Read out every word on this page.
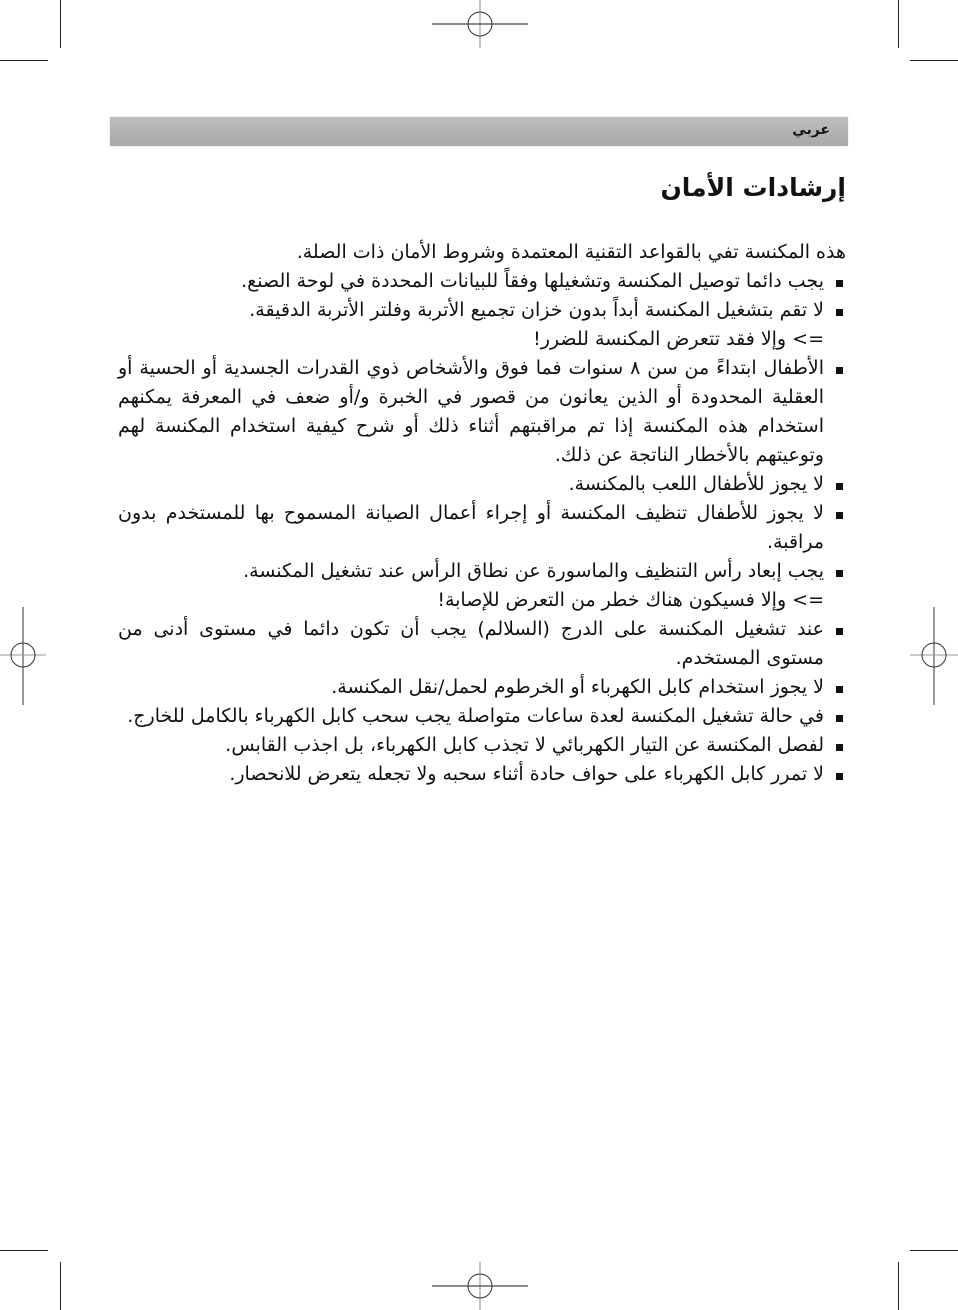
عربي
إرشادات الأمان

هذه المكنسة تفي بالقواعد التقنية المعتمدة وشروط الأمان ذات الصلة.

يجب دائما توصيل المكنسة وتشغيلها وفقاً للبيانات المحددة في لوحة الصنع.
لا تقم بتشغيل المكنسة أبداً بدون خزان تجميع الأتربة وفلتر الأتربة الدقيقة.
=> وإلا فقد تتعرض المكنسة للضرر!
الأطفال ابتداءً من سن ٨ سنوات فما فوق والأشخاص ذوي القدرات الجسدية أو الحسية أو العقلية المحدودة أو الذين يعانون من قصور في الخبرة و/أو ضعف في المعرفة يمكنهم استخدام هذه المكنسة إذا تم مراقبتهم أثناء ذلك أو شرح كيفية استخدام المكنسة لهم وتوعيتهم بالأخطار الناتجة عن ذلك.
لا يجوز للأطفال اللعب بالمكنسة.
لا يجوز للأطفال تنظيف المكنسة أو إجراء أعمال الصيانة المسموح بها للمستخدم بدون مراقبة.
يجب إبعاد رأس التنظيف والماسورة عن نطاق الرأس عند تشغيل المكنسة.
=> وإلا فسيكون هناك خطر من التعرض للإصابة!
عند تشغيل المكنسة على الدرج (السلالم) يجب أن تكون دائما في مستوى أدنى من مستوى المستخدم.
لا يجوز استخدام كابل الكهرباء أو الخرطوم لحمل/نقل المكنسة.
في حالة تشغيل المكنسة لعدة ساعات متواصلة يجب سحب كابل الكهرباء بالكامل للخارج.
لفصل المكنسة عن التيار الكهربائي لا تجذب كابل الكهرباء، بل اجذب القابس.
لا تمرر كابل الكهرباء على حواف حادة أثناء سحبه ولا تجعله يتعرض للانحصار.
